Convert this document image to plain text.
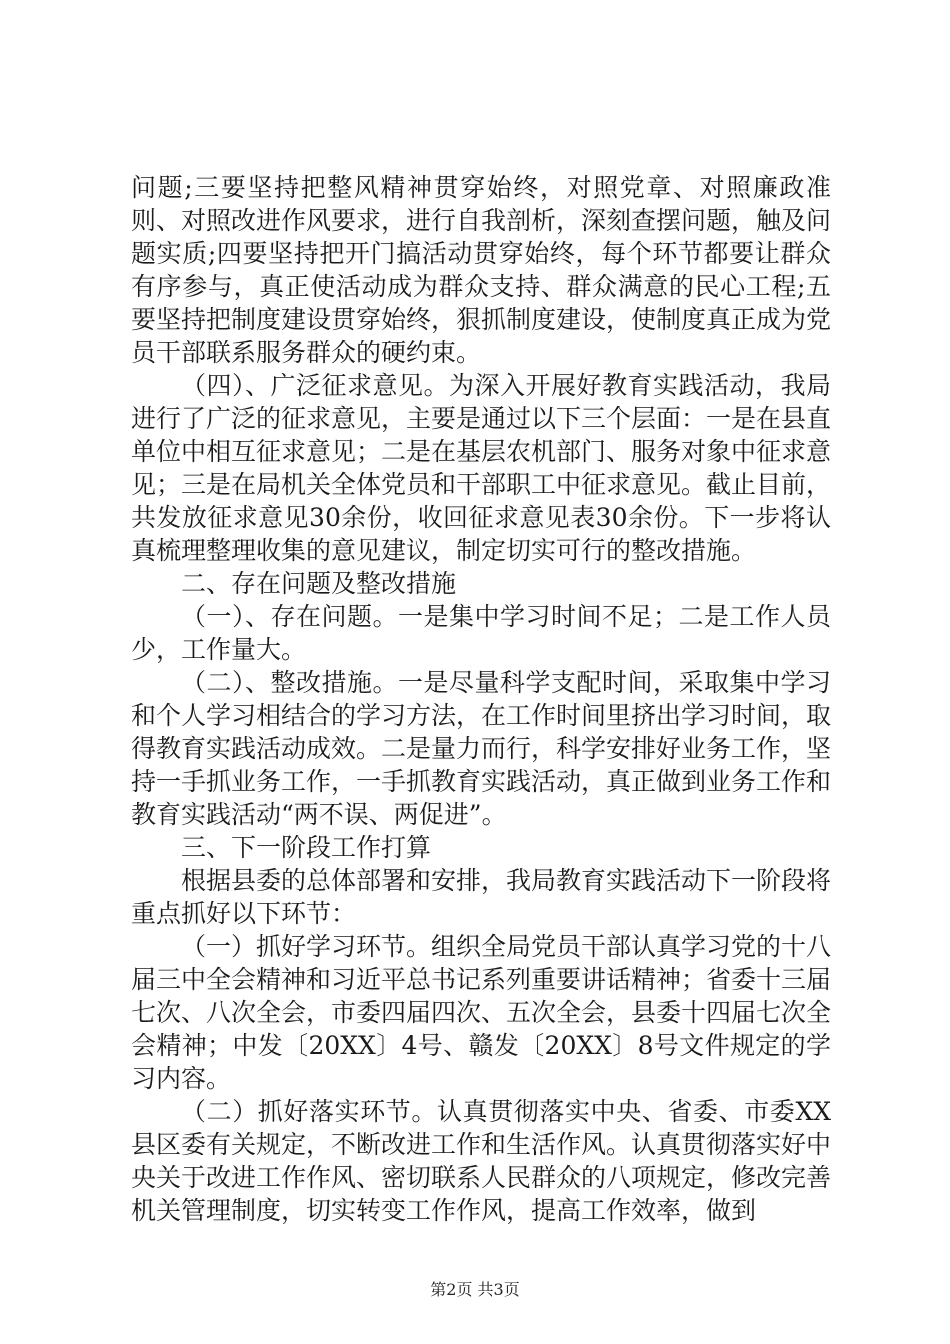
问题;三要坚持把整风精神贯穿始终，对照党章、对照廉政准则、对照改进作风要求，进行自我剖析，深刻查摆问题，触及问题实质;四要坚持把开门搞活动贯穿始终，每个环节都要让群众有序参与，真正使活动成为群众支持、群众满意的民心工程;五要坚持把制度建设贯穿始终，狠抓制度建设，使制度真正成为党员干部联系服务群众的硬约束。

（四）、广泛征求意见。为深入开展好教育实践活动，我局进行了广泛的征求意见，主要是通过以下三个层面：一是在县直单位中相互征求意见；二是在基层农机部门、服务对象中征求意见；三是在局机关全体党员和干部职工中征求意见。截止目前，共发放征求意见30余份，收回征求意见表30余份。下一步将认真梳理整理收集的意见建议，制定切实可行的整改措施。

二、存在问题及整改措施

（一）、存在问题。一是集中学习时间不足；二是工作人员少，工作量大。

（二）、整改措施。一是尽量科学支配时间，采取集中学习和个人学习相结合的学习方法，在工作时间里挤出学习时间，取得教育实践活动成效。二是量力而行，科学安排好业务工作，坚持一手抓业务工作，一手抓教育实践活动，真正做到业务工作和教育实践活动“两不误、两促进”。

三、下一阶段工作打算

根据县委的总体部署和安排，我局教育实践活动下一阶段将重点抓好以下环节：

（一）抓好学习环节。组织全局党员干部认真学习党的十八届三中全会精神和习近平总书记系列重要讲话精神；省委十三届七次、八次全会，市委四届四次、五次全会，县委十四届七次全会精神；中发〔20XX〕4号、赣发〔20XX〕8号文件规定的学习内容。

（二）抓好落实环节。认真贯彻落实中央、省委、市委XX县区委有关规定，不断改进工作和生活作风。认真贯彻落实好中央关于改进工作作风、密切联系人民群众的八项规定，修改完善机关管理制度，切实转变工作作风，提高工作效率，做到

第2页 共3页
